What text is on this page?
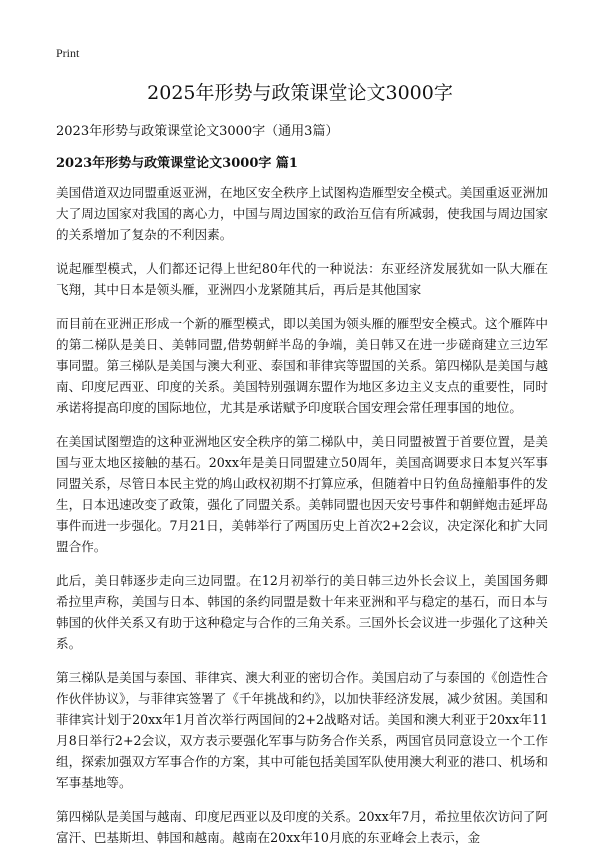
Print
2025年形势与政策课堂论文3000字
2023年形势与政策课堂论文3000字（通用3篇）
2023年形势与政策课堂论文3000字 篇1

美国借道双边同盟重返亚洲，在地区安全秩序上试图构造雁型安全模式。美国重返亚洲加大了周边国家对我国的离心力，中国与周边国家的政治互信有所减弱，使我国与周边国家的关系增加了复杂的不利因素。

说起雁型模式，人们都还记得上世纪80年代的一种说法：东亚经济发展犹如一队大雁在飞翔，其中日本是领头雁，亚洲四小龙紧随其后，再后是其他国家

而目前在亚洲正形成一个新的雁型模式，即以美国为领头雁的雁型安全模式。这个雁阵中的第二梯队是美日、美韩同盟,借势朝鲜半岛的争端，美日韩又在进一步磋商建立三边军事同盟。第三梯队是美国与澳大利亚、泰国和菲律宾等盟国的关系。第四梯队是美国与越南、印度尼西亚、印度的关系。美国特别强调东盟作为地区多边主义支点的重要性，同时承诺将提高印度的国际地位，尤其是承诺赋予印度联合国安理会常任理事国的地位。

在美国试图塑造的这种亚洲地区安全秩序的第二梯队中，美日同盟被置于首要位置，是美国与亚太地区接触的基石。20xx年是美日同盟建立50周年，美国高调要求日本复兴军事同盟关系，尽管日本民主党的鸠山政权初期不打算应承，但随着中日钓鱼岛撞船事件的发生，日本迅速改变了政策，强化了同盟关系。美韩同盟也因天安号事件和朝鲜炮击延坪岛事件而进一步强化。7月21日，美韩举行了两国历史上首次2+2会议，决定深化和扩大同盟合作。

此后，美日韩逐步走向三边同盟。在12月初举行的美日韩三边外长会议上，美国国务卿希拉里声称，美国与日本、韩国的条约同盟是数十年来亚洲和平与稳定的基石，而日本与韩国的伙伴关系又有助于这种稳定与合作的三角关系。三国外长会议进一步强化了这种关系。

第三梯队是美国与泰国、菲律宾、澳大利亚的密切合作。美国启动了与泰国的《创造性合作伙伴协议》，与菲律宾签署了《千年挑战和约》，以加快菲经济发展，减少贫困。美国和菲律宾计划于20xx年1月首次举行两国间的2+2战略对话。美国和澳大利亚于20xx年11月8日举行2+2会议，双方表示要强化军事与防务合作关系，两国官员同意设立一个工作组，探索加强双方军事合作的方案，其中可能包括美国军队使用澳大利亚的港口、机场和军事基地等。

第四梯队是美国与越南、印度尼西亚以及印度的关系。20xx年7月，希拉里依次访问了阿富汗、巴基斯坦、韩国和越南。越南在20xx年10月底的东亚峰会上表示，金
